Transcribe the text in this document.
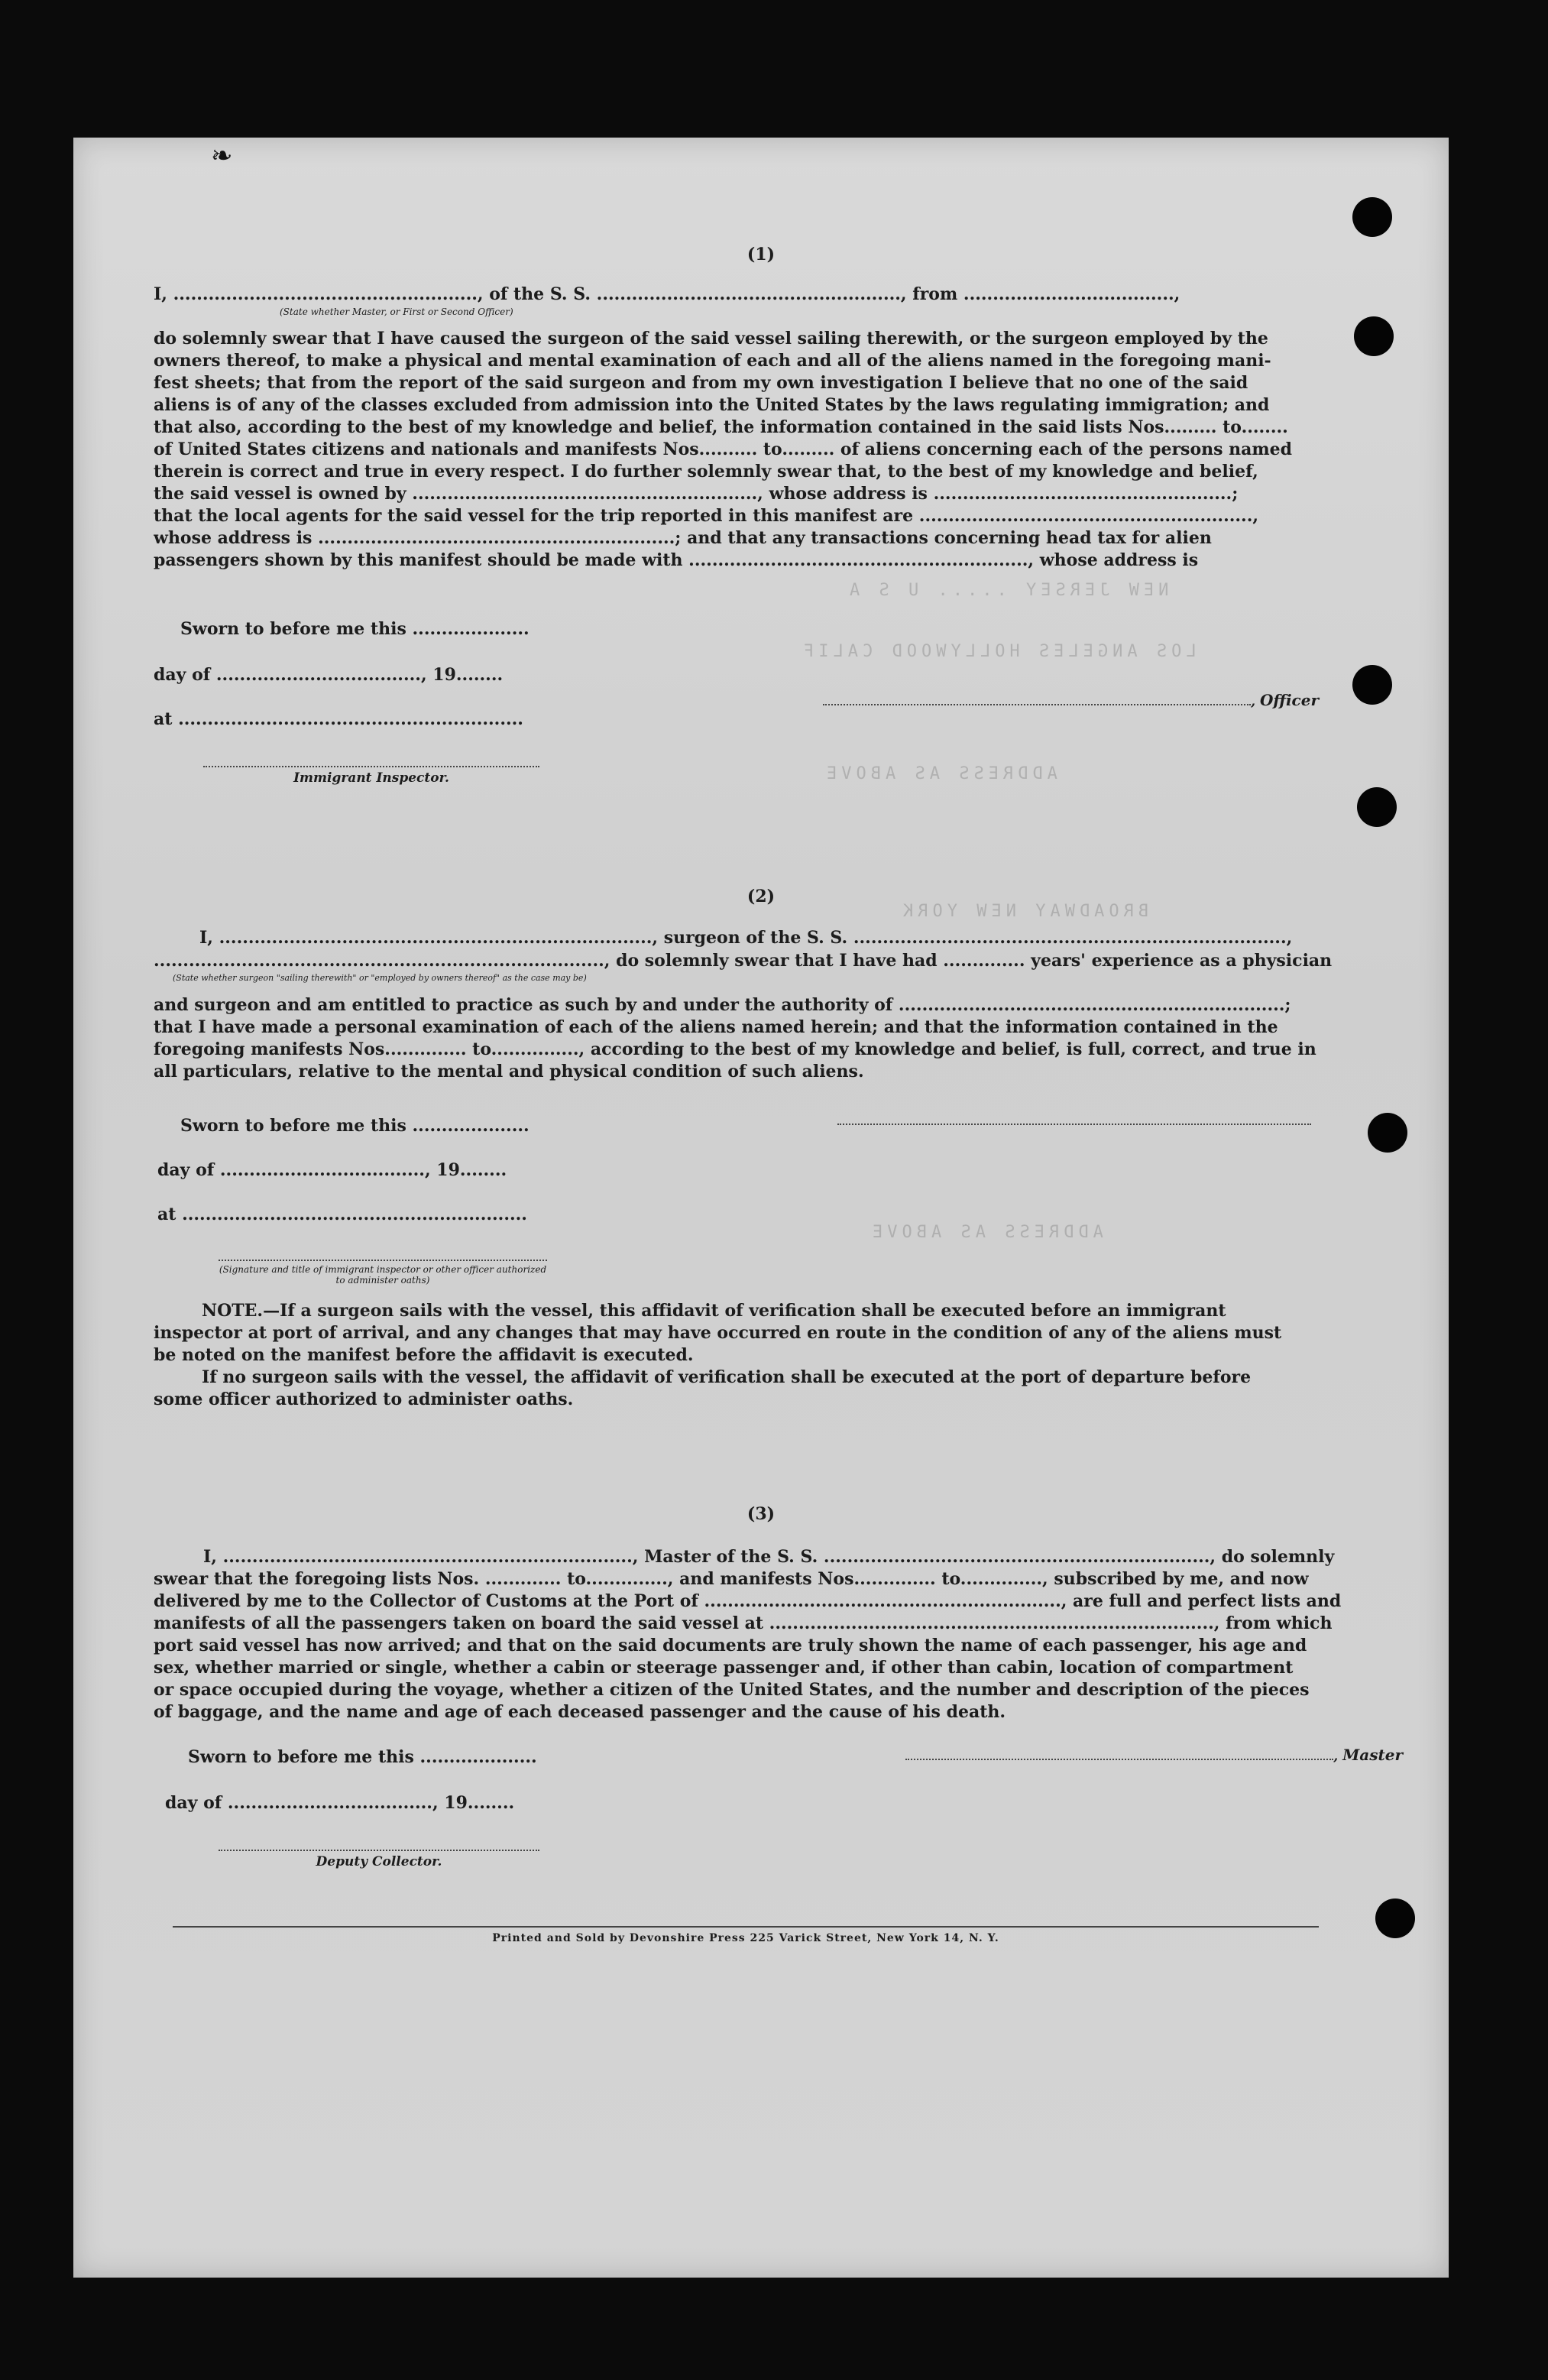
NEW JERSEY ..... U S A
LOS ANGELES HOLLYWOOD CALIF
ADDRESS AS ABOVE
BROADWAY NEW YORK
ADDRESS AS ABOVE
❧
(1)
I, ...................................................., of the S. S. ...................................................., from ....................................,
(State whether Master, or First or Second Officer)
do solemnly swear that I have caused the surgeon of the said vessel sailing therewith, or the surgeon employed by the
owners thereof, to make a physical and mental examination of each and all of the aliens named in the foregoing mani-
fest sheets; that from the report of the said surgeon and from my own investigation I believe that no one of the said
aliens is of any of the classes excluded from admission into the United States by the laws regulating immigration; and
that also, according to the best of my knowledge and belief, the information contained in the said lists Nos......... to........
of United States citizens and nationals and manifests Nos.......... to......... of aliens concerning each of the persons named
therein is correct and true in every respect. I do further solemnly swear that, to the best of my knowledge and belief,
the said vessel is owned by ..........................................................., whose address is ...................................................;
that the local agents for the said vessel for the trip reported in this manifest are .........................................................,
whose address is .............................................................; and that any transactions concerning head tax for alien
passengers shown by this manifest should be made with .........................................................., whose address is
Sworn to before me this ....................
day of ..................................., 19........
at ...........................................................
Immigrant Inspector.
, Officer
(2)
I, .........................................................................., surgeon of the S. S. ..........................................................................,
............................................................................., do solemnly swear that I have had .............. years' experience as a physician
(State whether surgeon "sailing therewith" or "employed by owners thereof" as the case may be)
and surgeon and am entitled to practice as such by and under the authority of ..................................................................;
that I have made a personal examination of each of the aliens named herein; and that the information contained in the
foregoing manifests Nos.............. to..............., according to the best of my knowledge and belief, is full, correct, and true in
all particulars, relative to the mental and physical condition of such aliens.
Sworn to before me this ....................
day of ..................................., 19........
at ...........................................................
(Signature and title of immigrant inspector or other officer authorized to administer oaths)
NOTE.—If a surgeon sails with the vessel, this affidavit of verification shall be executed before an immigrant
inspector at port of arrival, and any changes that may have occurred en route in the condition of any of the aliens must
be noted on the manifest before the affidavit is executed.
If no surgeon sails with the vessel, the affidavit of verification shall be executed at the port of departure before
some officer authorized to administer oaths.
(3)
I, ......................................................................, Master of the S. S. .................................................................., do solemnly
swear that the foregoing lists Nos. ............. to.............., and manifests Nos.............. to.............., subscribed by me, and now
delivered by me to the Collector of Customs at the Port of ............................................................., are full and perfect lists and
manifests of all the passengers taken on board the said vessel at ............................................................................, from which
port said vessel has now arrived; and that on the said documents are truly shown the name of each passenger, his age and
sex, whether married or single, whether a cabin or steerage passenger and, if other than cabin, location of compartment
or space occupied during the voyage, whether a citizen of the United States, and the number and description of the pieces
of baggage, and the name and age of each deceased passenger and the cause of his death.
Sworn to before me this ....................	, Master
day of ..................................., 19........
Deputy Collector.
Printed and Sold by Devonshire Press 225 Varick Street, New York 14, N. Y.
